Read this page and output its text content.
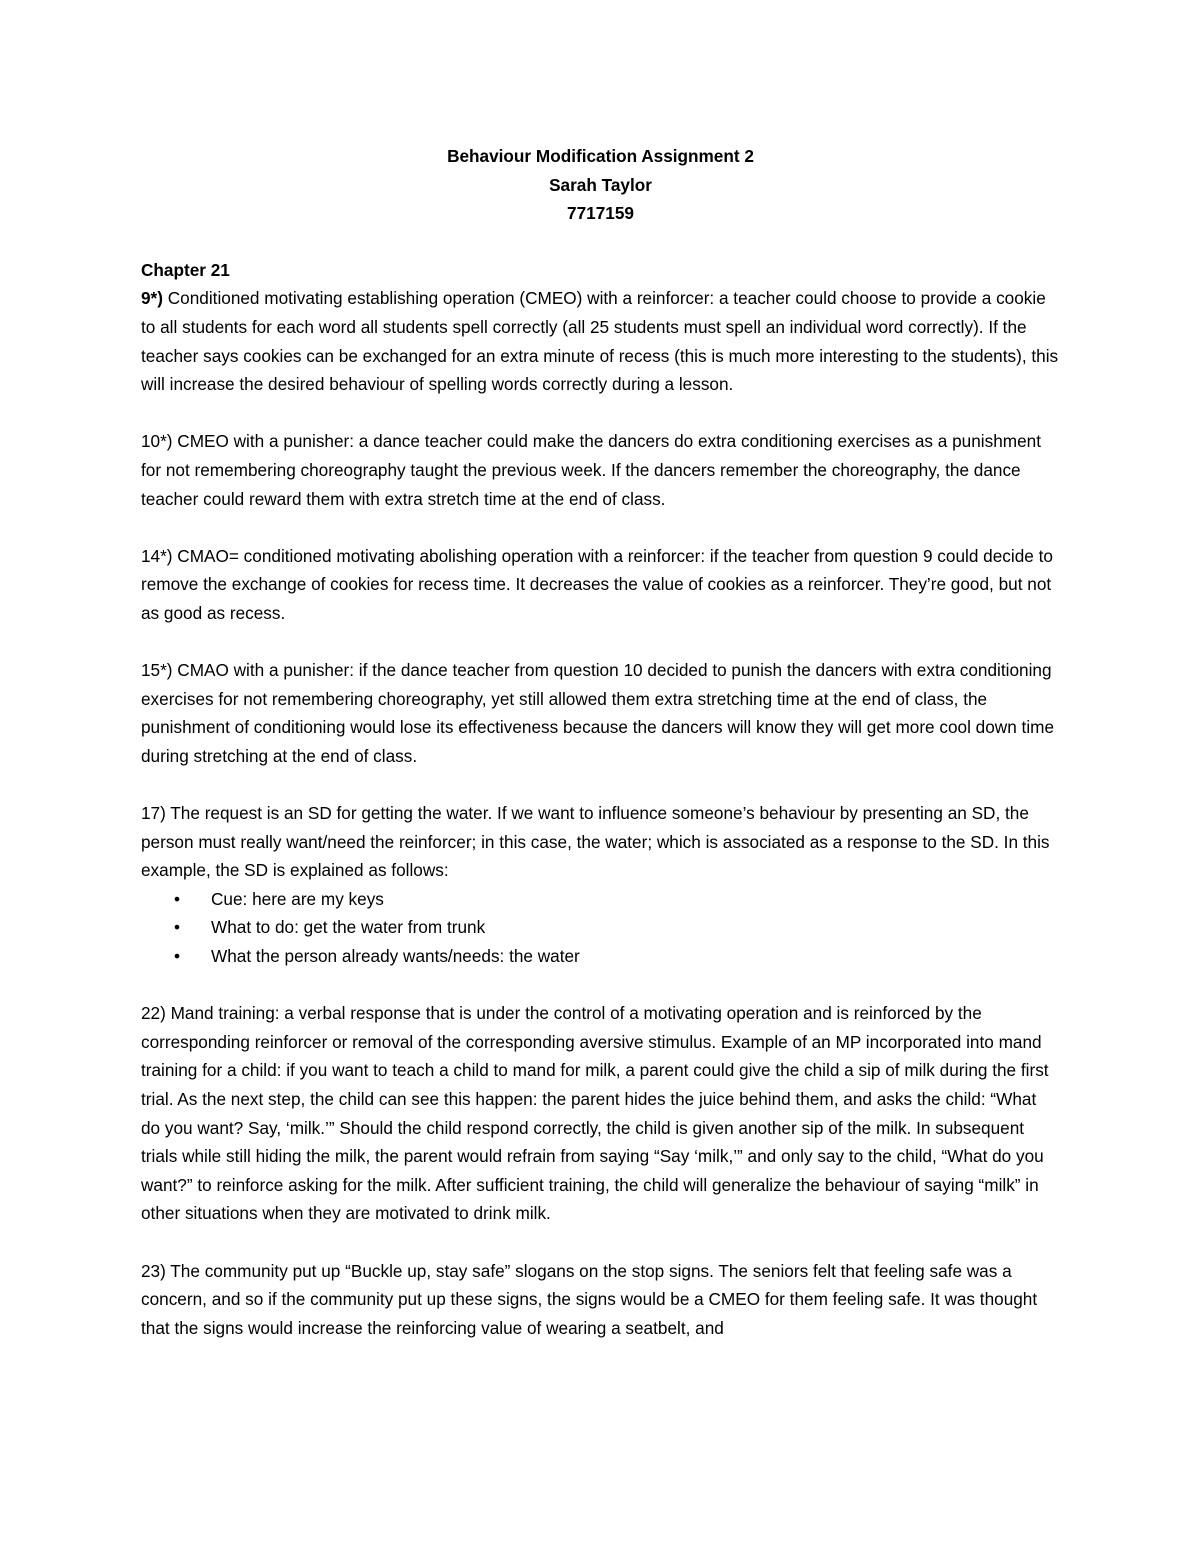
Behaviour Modification Assignment 2
Sarah Taylor
7717159
Chapter 21

9*) Conditioned motivating establishing operation (CMEO) with a reinforcer: a teacher could choose to provide a cookie to all students for each word all students spell correctly (all 25 students must spell an individual word correctly). If the teacher says cookies can be exchanged for an extra minute of recess (this is much more interesting to the students), this will increase the desired behaviour of spelling words correctly during a lesson.

10*) CMEO with a punisher: a dance teacher could make the dancers do extra conditioning exercises as a punishment for not remembering choreography taught the previous week. If the dancers remember the choreography, the dance teacher could reward them with extra stretch time at the end of class.

14*) CMAO= conditioned motivating abolishing operation with a reinforcer: if the teacher from question 9 could decide to remove the exchange of cookies for recess time. It decreases the value of cookies as a reinforcer. They’re good, but not as good as recess.

15*) CMAO with a punisher: if the dance teacher from question 10 decided to punish the dancers with extra conditioning exercises for not remembering choreography, yet still allowed them extra stretching time at the end of class, the punishment of conditioning would lose its effectiveness because the dancers will know they will get more cool down time during stretching at the end of class.

17) The request is an SD for getting the water. If we want to influence someone’s behaviour by presenting an SD, the person must really want/need the reinforcer; in this case, the water; which is associated as a response to the SD. In this example, the SD is explained as follows:

• Cue: here are my keys
• What to do: get the water from trunk
• What the person already wants/needs: the water

22) Mand training: a verbal response that is under the control of a motivating operation and is reinforced by the corresponding reinforcer or removal of the corresponding aversive stimulus. Example of an MP incorporated into mand training for a child: if you want to teach a child to mand for milk, a parent could give the child a sip of milk during the first trial. As the next step, the child can see this happen: the parent hides the juice behind them, and asks the child: “What do you want? Say, ‘milk.’” Should the child respond correctly, the child is given another sip of the milk. In subsequent trials while still hiding the milk, the parent would refrain from saying “Say ‘milk,’” and only say to the child, “What do you want?” to reinforce asking for the milk. After sufficient training, the child will generalize the behaviour of saying “milk” in other situations when they are motivated to drink milk.

23) The community put up “Buckle up, stay safe” slogans on the stop signs. The seniors felt that feeling safe was a concern, and so if the community put up these signs, the signs would be a CMEO for them feeling safe. It was thought that the signs would increase the reinforcing value of wearing a seatbelt, and
